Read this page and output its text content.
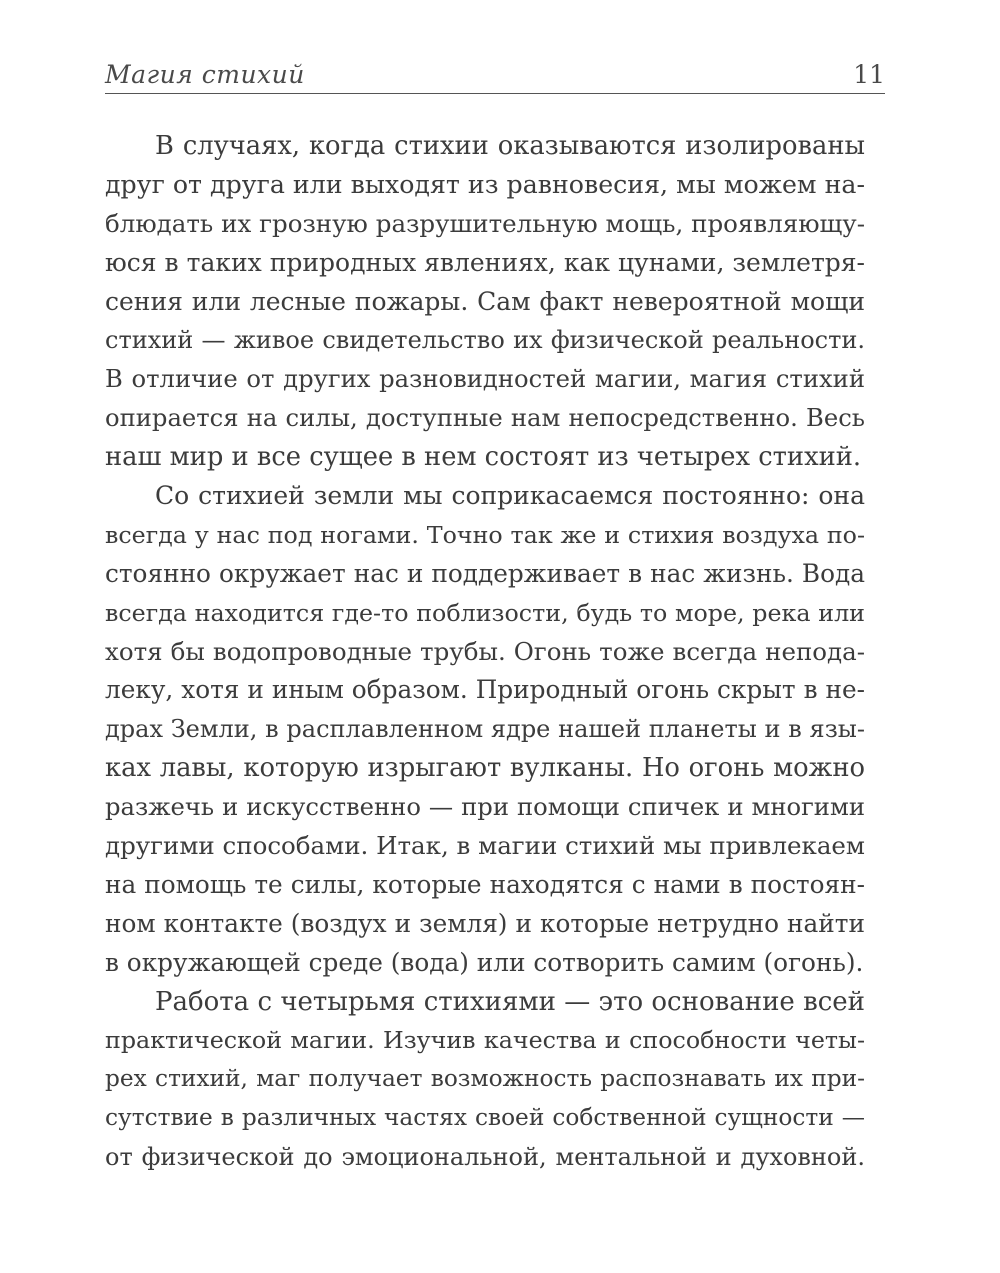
Магия стихий	11
В случаях, когда стихии оказываются изолированы
друг от друга или выходят из равновесия, мы можем на-
блюдать их грозную разрушительную мощь, проявляющу-
юся в таких природных явлениях, как цунами, землетря-
сения или лесные пожары. Сам факт невероятной мощи
стихий — живое свидетельство их физической реальности.
В отличие от других разновидностей магии, магия стихий
опирается на силы, доступные нам непосредственно. Весь
наш мир и все сущее в нем состоят из четырех стихий.
Со стихией земли мы соприкасаемся постоянно: она
всегда у нас под ногами. Точно так же и стихия воздуха по-
стоянно окружает нас и поддерживает в нас жизнь. Вода
всегда находится где-то поблизости, будь то море, река или
хотя бы водопроводные трубы. Огонь тоже всегда непода-
леку, хотя и иным образом. Природный огонь скрыт в не-
драх Земли, в расплавленном ядре нашей планеты и в язы-
ках лавы, которую изрыгают вулканы. Но огонь можно
разжечь и искусственно — при помощи спичек и многими
другими способами. Итак, в магии стихий мы привлекаем
на помощь те силы, которые находятся с нами в постоян-
ном контакте (воздух и земля) и которые нетрудно найти
в окружающей среде (вода) или сотворить самим (огонь).
Работа с четырьмя стихиями — это основание всей
практической магии. Изучив качества и способности четы-
рех стихий, маг получает возможность распознавать их при-
сутствие в различных частях своей собственной сущности —
от физической до эмоциональной, ментальной и духовной.
